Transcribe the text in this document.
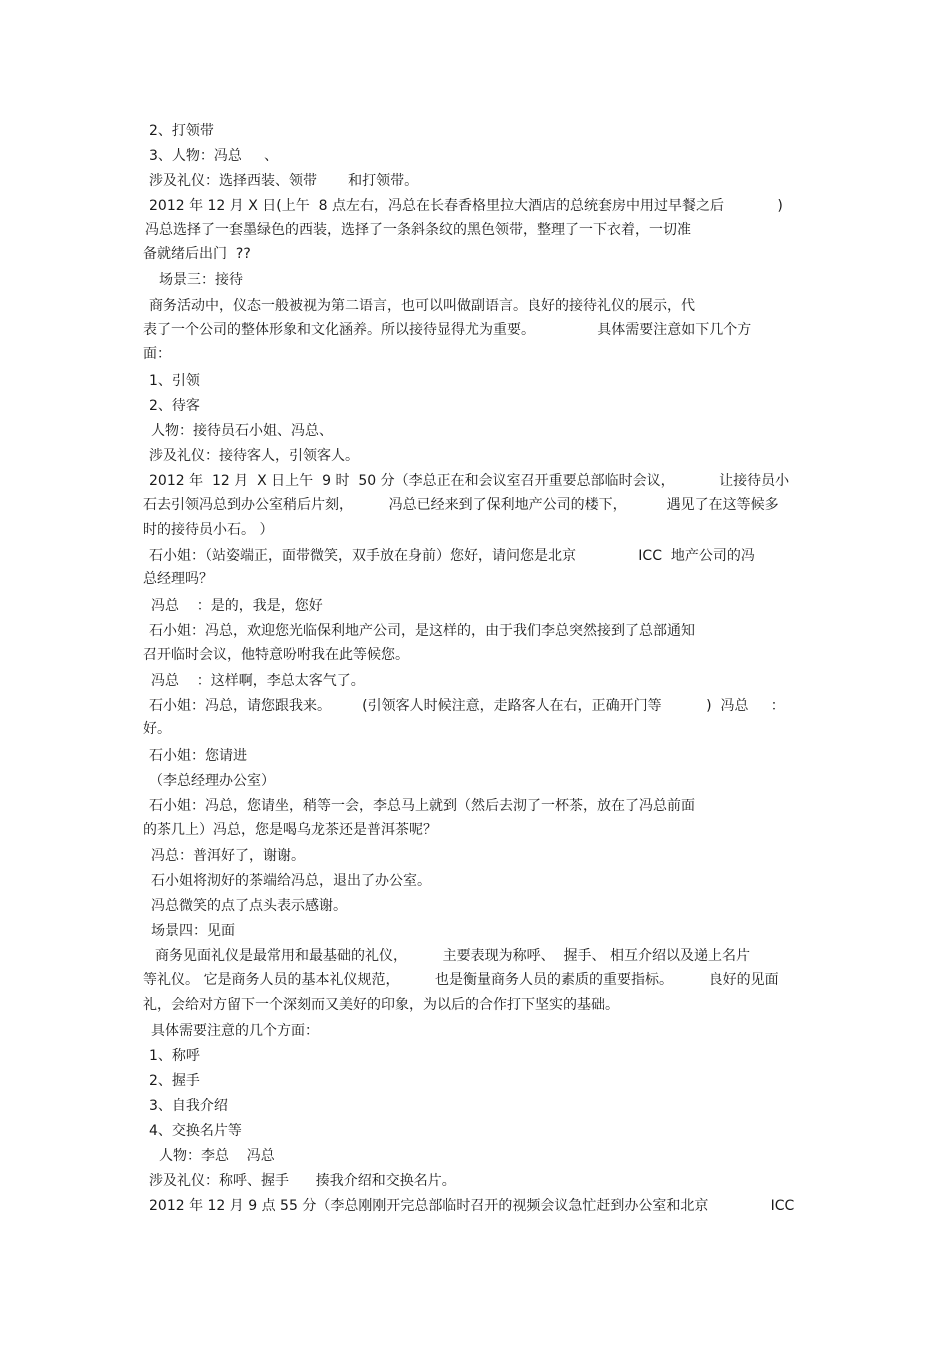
2、打领带
3、人物：冯总     、
涉及礼仪：选择西装、领带       和打领带。
2012 年 12 月 X 日(上午  8 点左右，冯总在长春香格里拉大酒店的总统套房中用过早餐之后            )
冯总选择了一套墨绿色的西装，选择了一条斜条纹的黑色领带，整理了一下衣着，一切准
备就绪后出门  ??
场景三：接待
商务活动中，仪态一般被视为第二语言，也可以叫做副语言。良好的接待礼仪的展示，代
表了一个公司的整体形象和文化涵养。所以接待显得尤为重要。              具体需要注意如下几个方
面：
1、引领
2、待客
人物：接待员石小姐、冯总、
涉及礼仪：接待客人，引领客人。
2012 年  12 月  X 日上午  9 时  50 分（李总正在和会议室召开重要总部临时会议，          让接待员小
石去引领冯总到办公室稍后片刻，        冯总已经来到了保利地产公司的楼下，         遇见了在这等候多
时的接待员小石。 ）
石小姐：（站姿端正，面带微笑，双手放在身前）您好，请问您是北京              ICC  地产公司的冯
总经理吗？
冯总    ：是的，我是，您好
石小姐：冯总，欢迎您光临保利地产公司，是这样的，由于我们李总突然接到了总部通知
召开临时会议，他特意吩咐我在此等候您。
冯总    ：这样啊，李总太客气了。
石小姐：冯总，请您跟我来。       (引领客人时候注意，走路客人在右，正确开门等          )  冯总     ：
好。
石小姐：您请进
（李总经理办公室）
石小姐：冯总，您请坐，稍等一会，李总马上就到（然后去沏了一杯茶，放在了冯总前面
的茶几上）冯总，您是喝乌龙茶还是普洱茶呢？
冯总：普洱好了，谢谢。
石小姐将沏好的茶端给冯总，退出了办公室。
冯总微笑的点了点头表示感谢。
场景四：见面
商务见面礼仪是最常用和最基础的礼仪，        主要表现为称呼、  握手、 相互介绍以及递上名片
等礼仪。 它是商务人员的基本礼仪规范，        也是衡量商务人员的素质的重要指标。        良好的见面
礼，会给对方留下一个深刻而又美好的印象，为以后的合作打下坚实的基础。
具体需要注意的几个方面：
1、称呼
2、握手
3、自我介绍
4、交换名片等
人物：李总    冯总
涉及礼仪：称呼、握手      揍我介绍和交换名片。
2012 年 12 月 9 点 55 分（李总刚刚开完总部临时召开的视频会议急忙赶到办公室和北京              ICC
